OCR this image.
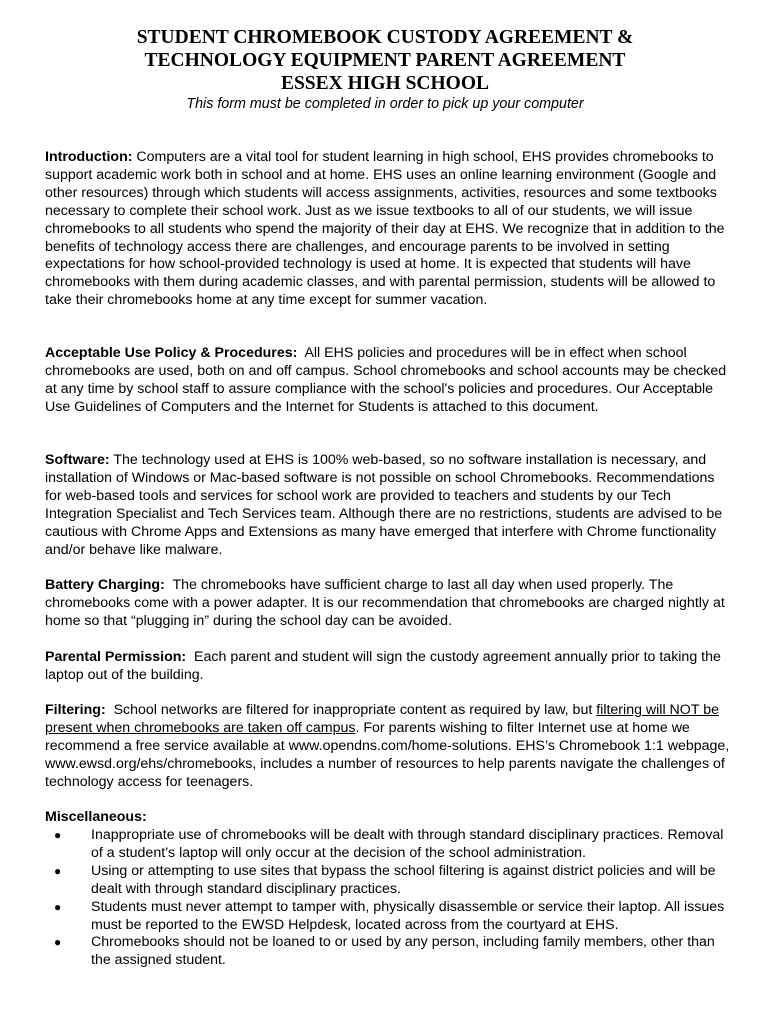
STUDENT CHROMEBOOK CUSTODY AGREEMENT &
TECHNOLOGY EQUIPMENT PARENT AGREEMENT
ESSEX HIGH SCHOOL
This form must be completed in order to pick up your computer

Introduction: Computers are a vital tool for student learning in high school, EHS provides chromebooks to support academic work both in school and at home. EHS uses an online learning environment (Google and other resources) through which students will access assignments, activities, resources and some textbooks necessary to complete their school work. Just as we issue textbooks to all of our students, we will issue chromebooks to all students who spend the majority of their day at EHS. We recognize that in addition to the benefits of technology access there are challenges, and encourage parents to be involved in setting expectations for how school-provided technology is used at home. It is expected that students will have chromebooks with them during academic classes, and with parental permission, students will be allowed to take their chromebooks home at any time except for summer vacation.

Acceptable Use Policy & Procedures: All EHS policies and procedures will be in effect when school chromebooks are used, both on and off campus. School chromebooks and school accounts may be checked at any time by school staff to assure compliance with the school's policies and procedures. Our Acceptable Use Guidelines of Computers and the Internet for Students is attached to this document.

Software: The technology used at EHS is 100% web-based, so no software installation is necessary, and installation of Windows or Mac-based software is not possible on school Chromebooks. Recommendations for web-based tools and services for school work are provided to teachers and students by our Tech Integration Specialist and Tech Services team. Although there are no restrictions, students are advised to be cautious with Chrome Apps and Extensions as many have emerged that interfere with Chrome functionality and/or behave like malware.

Battery Charging: The chromebooks have sufficient charge to last all day when used properly. The chromebooks come with a power adapter. It is our recommendation that chromebooks are charged nightly at home so that “plugging in” during the school day can be avoided.

Parental Permission: Each parent and student will sign the custody agreement annually prior to taking the laptop out of the building.

Filtering: School networks are filtered for inappropriate content as required by law, but filtering will NOT be present when chromebooks are taken off campus. For parents wishing to filter Internet use at home we recommend a free service available at www.opendns.com/home-solutions. EHS’s Chromebook 1:1 webpage, www.ewsd.org/ehs/chromebooks, includes a number of resources to help parents navigate the challenges of technology access for teenagers.

Miscellaneous:

● Inappropriate use of chromebooks will be dealt with through standard disciplinary practices. Removal of a student’s laptop will only occur at the decision of the school administration.
● Using or attempting to use sites that bypass the school filtering is against district policies and will be dealt with through standard disciplinary practices.
● Students must never attempt to tamper with, physically disassemble or service their laptop. All issues must be reported to the EWSD Helpdesk, located across from the courtyard at EHS.
● Chromebooks should not be loaned to or used by any person, including family members, other than the assigned student.
